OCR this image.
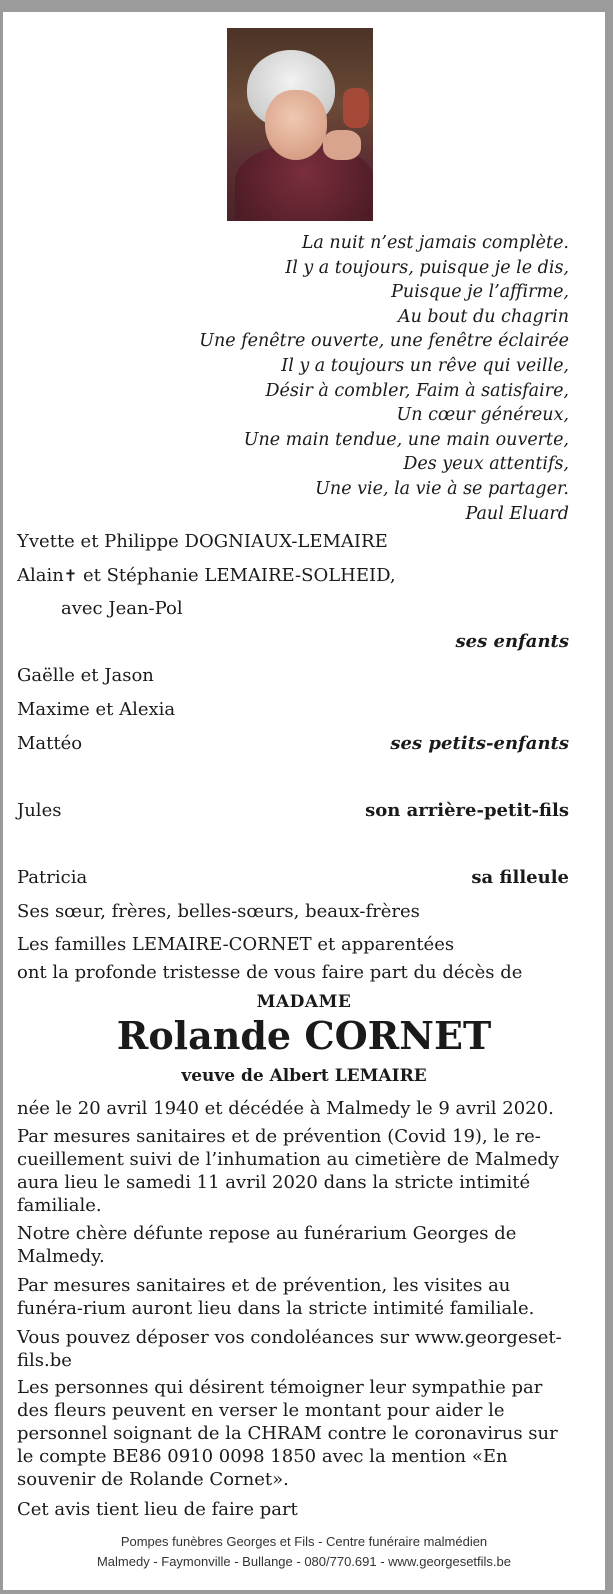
La nuit n’est jamais complète.
Il y a toujours, puisque je le dis,
Puisque je l’affirme,
Au bout du chagrin
Une fenêtre ouverte, une fenêtre éclairée
Il y a toujours un rêve qui veille,
Désir à combler, Faim à satisfaire,
Un cœur généreux,
Une main tendue, une main ouverte,
Des yeux attentifs,
Une vie, la vie à se partager.
Paul Eluard
Yvette et Philippe DOGNIAUX-LEMAIRE
Alain✝ et Stéphanie LEMAIRE-SOLHEID,
avec Jean-Pol
ses enfants
Gaëlle et Jason
Maxime et Alexia
Mattéo	ses petits-enfants
Jules	son arrière-petit-fils
Patricia	sa filleule
Ses sœur, frères, belles-sœurs, beaux-frères
Les familles LEMAIRE-CORNET et apparentées
ont la profonde tristesse de vous faire part du décès de
MADAME
Rolande CORNET
veuve de Albert LEMAIRE
née le 20 avril 1940 et décédée à Malmedy le 9 avril 2020.
Par mesures sanitaires et de prévention (Covid 19), le re-cueillement suivi de l’inhumation au cimetière de Malmedy aura lieu le samedi 11 avril 2020 dans la stricte intimité familiale.
Notre chère défunte repose au funérarium Georges de Malmedy.
Par mesures sanitaires et de prévention, les visites au funéra-rium auront lieu dans la stricte intimité familiale.
Vous pouvez déposer vos condoléances sur www.georgeset-fils.be
Les personnes qui désirent témoigner leur sympathie par des fleurs peuvent en verser le montant pour aider le personnel soignant de la CHRAM contre le coronavirus sur le compte BE86 0910 0098 1850 avec la mention «En souvenir de Rolande Cornet».
Cet avis tient lieu de faire part
Pompes funèbres Georges et Fils - Centre funéraire malmédien
Malmedy - Faymonville - Bullange - 080/770.691 - www.georgesetfils.be
